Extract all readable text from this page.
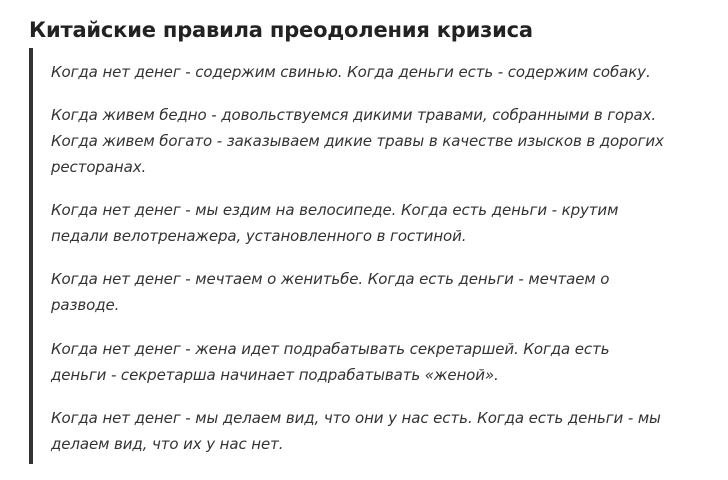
Китайские правила преодоления кризиса

Когда нет денег - содержим свинью. Когда деньги есть - содержим собаку.

Когда живем бедно - довольствуемся дикими травами, собранными в горах.
Когда живем богато - заказываем дикие травы в качестве изысков в дорогих
ресторанах.

Когда нет денег - мы ездим на велосипеде. Когда есть деньги - крутим
педали велотренажера, установленного в гостиной.

Когда нет денег - мечтаем о женитьбе. Когда есть деньги - мечтаем о
разводе.

Когда нет денег - жена идет подрабатывать секретаршей. Когда есть
деньги - секретарша начинает подрабатывать «женой».

Когда нет денег - мы делаем вид, что они у нас есть. Когда есть деньги - мы
делаем вид, что их у нас нет.
